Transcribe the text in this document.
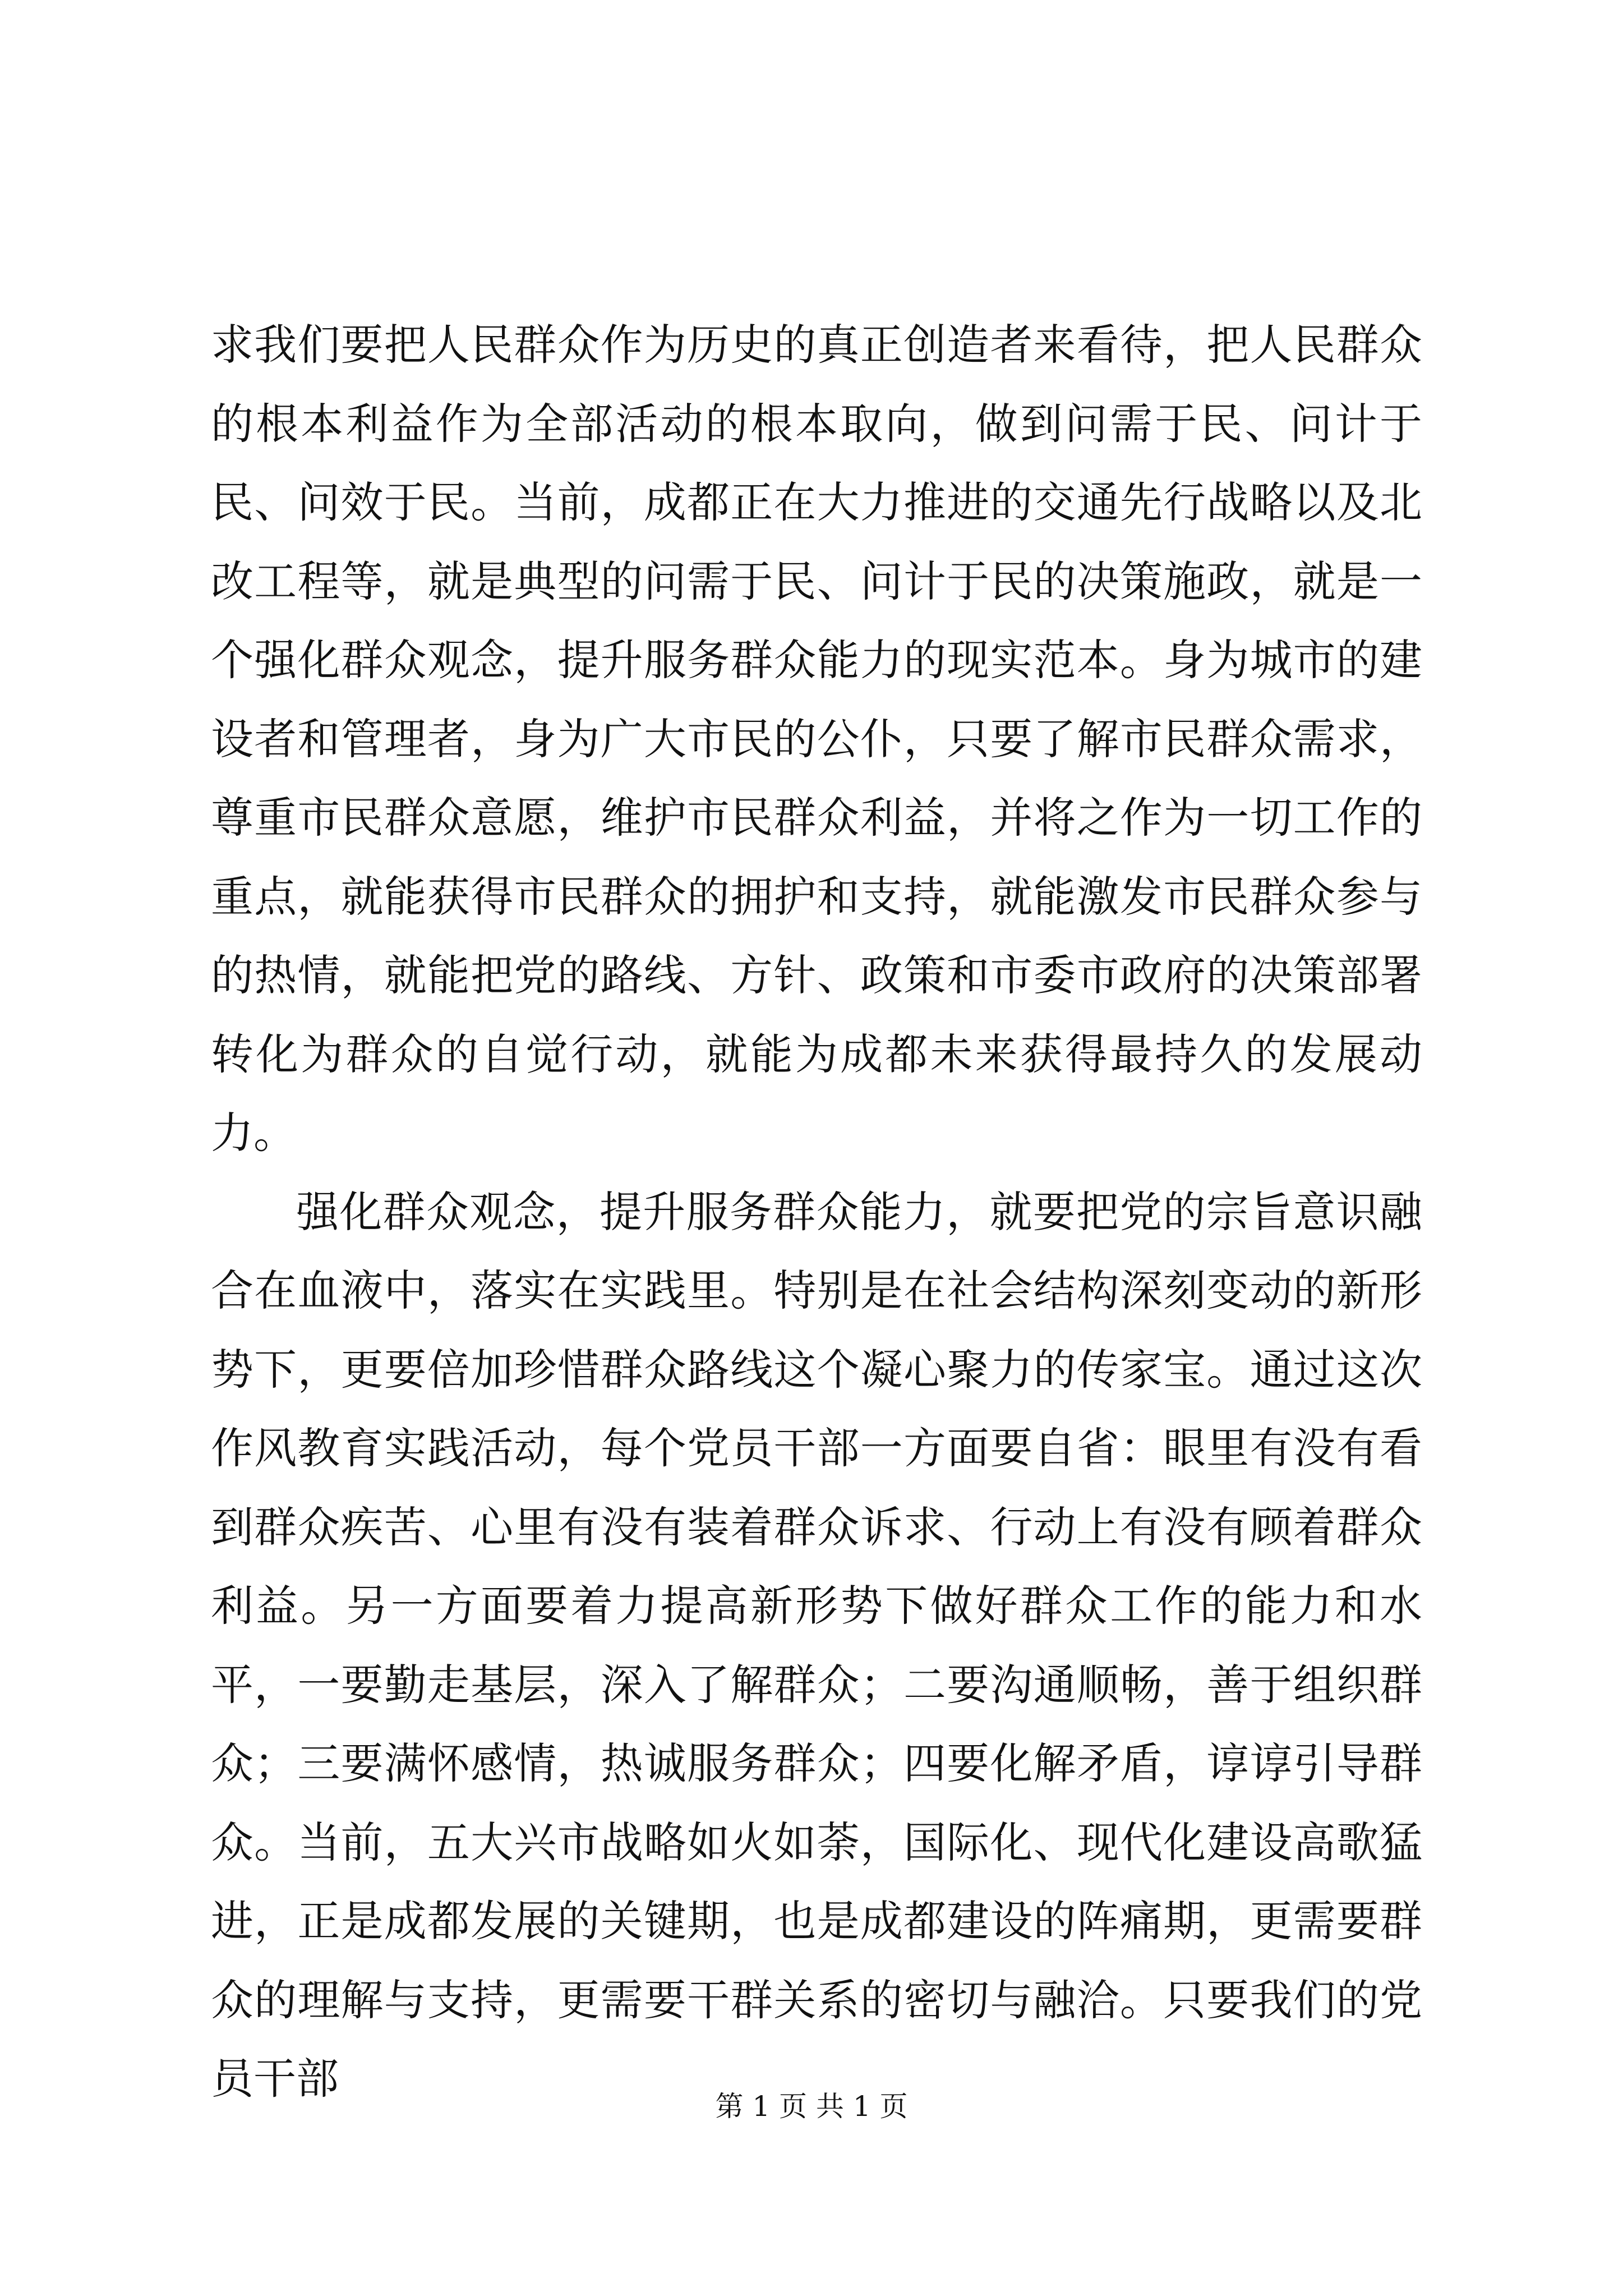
求我们要把人民群众作为历史的真正创造者来看待，把人民群众的根本利益作为全部活动的根本取向，做到问需于民、问计于民、问效于民。当前，成都正在大力推进的交通先行战略以及北改工程等，就是典型的问需于民、问计于民的决策施政，就是一个强化群众观念，提升服务群众能力的现实范本。身为城市的建设者和管理者，身为广大市民的公仆，只要了解市民群众需求，尊重市民群众意愿，维护市民群众利益，并将之作为一切工作的重点，就能获得市民群众的拥护和支持，就能激发市民群众参与的热情，就能把党的路线、方针、政策和市委市政府的决策部署转化为群众的自觉行动，就能为成都未来获得最持久的发展动力。

强化群众观念，提升服务群众能力，就要把党的宗旨意识融合在血液中，落实在实践里。特别是在社会结构深刻变动的新形势下，更要倍加珍惜群众路线这个凝心聚力的传家宝。通过这次作风教育实践活动，每个党员干部一方面要自省：眼里有没有看到群众疾苦、心里有没有装着群众诉求、行动上有没有顾着群众利益。另一方面要着力提高新形势下做好群众工作的能力和水平，一要勤走基层，深入了解群众；二要沟通顺畅，善于组织群众；三要满怀感情，热诚服务群众；四要化解矛盾，谆谆引导群众。当前，五大兴市战略如火如荼，国际化、现代化建设高歌猛进，正是成都发展的关键期，也是成都建设的阵痛期，更需要群众的理解与支持，更需要干群关系的密切与融洽。只要我们的党员干部

第 1 页 共 1 页
